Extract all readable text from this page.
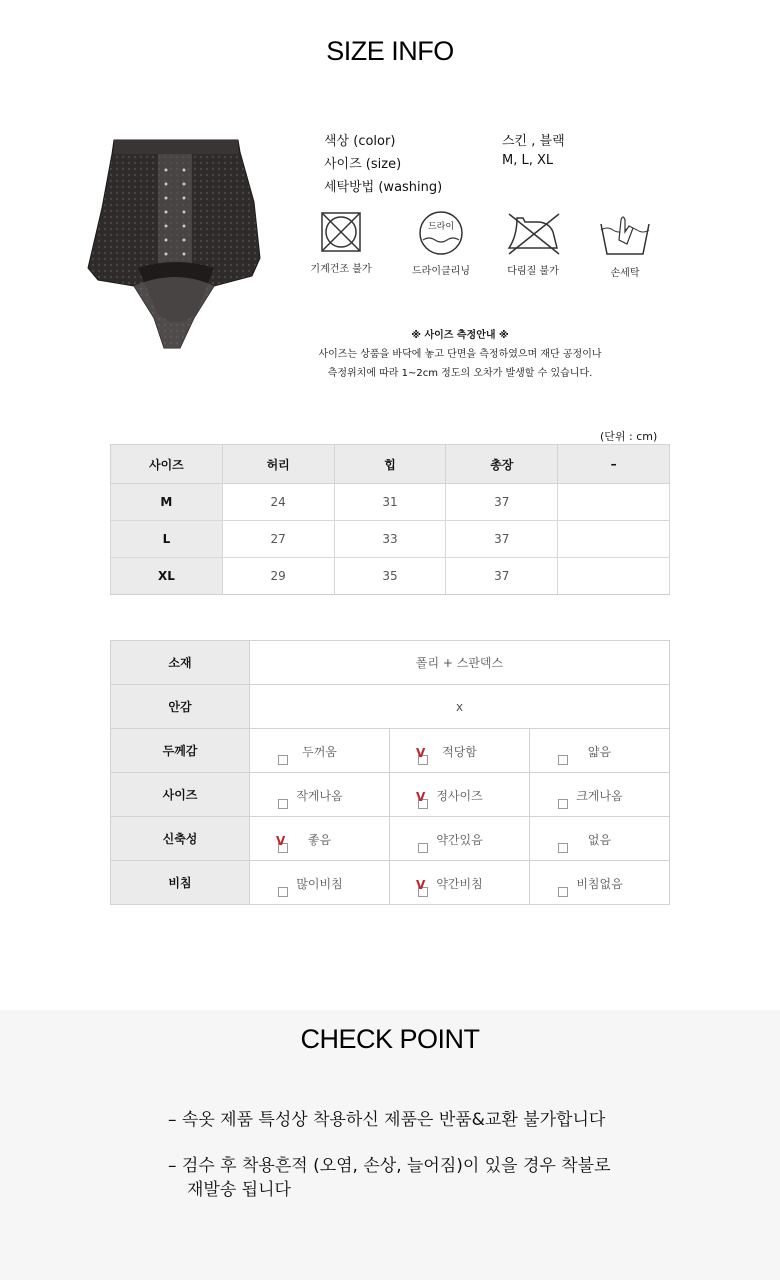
SIZE INFO
색상 (color)	스킨 , 블랙
사이즈 (size)	M, L, XL
세탁방법 (washing)
기계건조 불가
드라이
드라이클리닝	다림질 불가	손세탁
※ 사이즈 측정안내 ※
사이즈는 상품을 바닥에 놓고 단면을 측정하였으며 재단 공정이나
측정위치에 따라 1~2cm 정도의 오차가 발생할 수 있습니다.
(단위 : cm)
사이즈	허리	힙	총장	–
M	24	31	37	
L	27	33	37	
XL	29	35	37	
소재	폴리 + 스판덱스		
안감	x		
두께감	두꺼움	V 적당함	얇음

사이즈	작게나옴	V 정사이즈	크게나옴

신축성	V 좋음	약간있음	없음

비침	많이비침	V 약간비침	비침없음
CHECK POINT
– 속옷 제품 특성상 착용하신 제품은 반품&교환 불가합니다
– 검수 후 착용흔적 (오염, 손상, 늘어짐)이 있을 경우 착불로
재발송 됩니다
